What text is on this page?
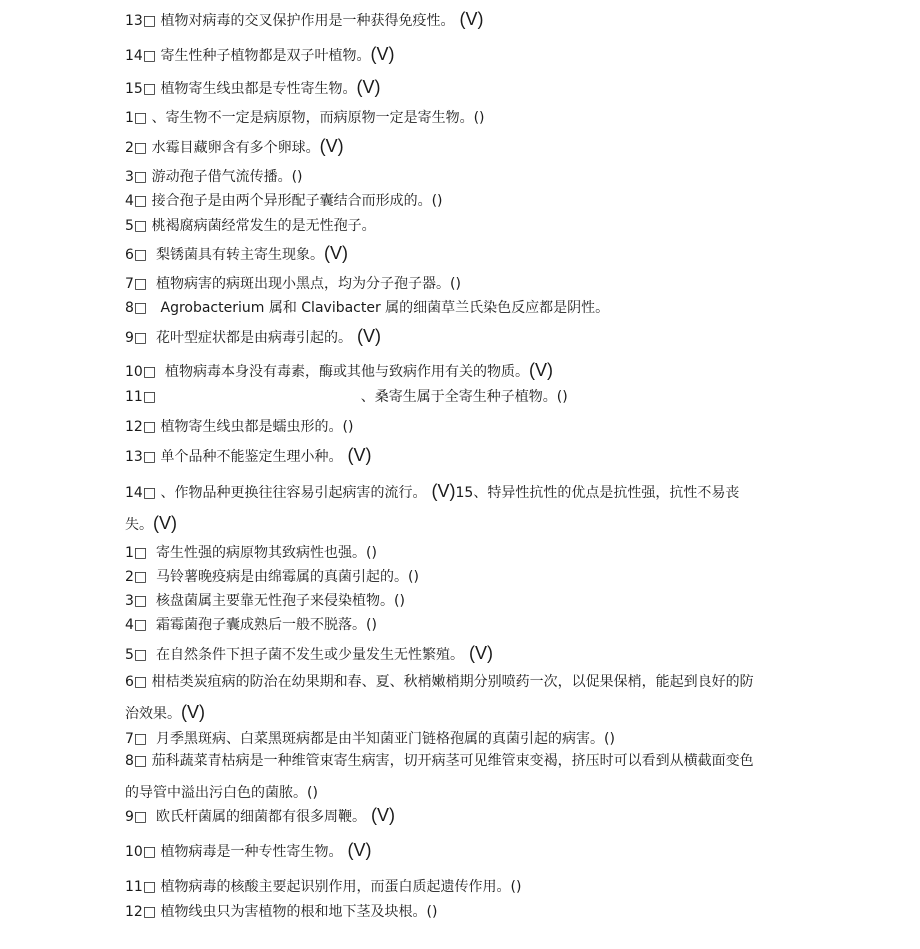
13□ 植物对病毒的交叉保护作用是一种获得免疫性。 (V)
14□ 寄生性种子植物都是双子叶植物。(V)
15□ 植物寄生线虫都是专性寄生物。(V)
1□ 、寄生物不一定是病原物，而病原物一定是寄生物。()
2□ 水霉目藏卵含有多个卵球。(V)
3□ 游动孢子借气流传播。()
4□ 接合孢子是由两个异形配子囊结合而形成的。()
5□ 桃褐腐病菌经常发生的是无性孢子。
6□  梨锈菌具有转主寄生现象。(V)
7□  植物病害的病斑出现小黑点，均为分子孢子器。()
8□   Agrobacterium 属和 Clavibacter 属的细菌草兰氏染色反应都是阴性。
9□  花叶型症状都是由病毒引起的。 (V)
10□  植物病毒本身没有毒素，酶或其他与致病作用有关的物质。(V)
11□                                              、桑寄生属于全寄生种子植物。()
12□ 植物寄生线虫都是蠕虫形的。()
13□ 单个品种不能鉴定生理小种。 (V)
14□ 、作物品种更换往往容易引起病害的流行。 (V)15、特异性抗性的优点是抗性强，抗性不易丧失。(V)
1□  寄生性强的病原物其致病性也强。()
2□  马铃薯晚疫病是由绵霉属的真菌引起的。()
3□  核盘菌属主要靠无性孢子来侵染植物。()
4□  霜霉菌孢子囊成熟后一般不脱落。()
5□  在自然条件下担子菌不发生或少量发生无性繁殖。 (V)
6□ 柑桔类炭疽病的防治在幼果期和春、夏、秋梢嫩梢期分别喷药一次，以促果保梢，能起到良好的防治效果。(V)
7□  月季黑斑病、白菜黑斑病都是由半知菌亚门链格孢属的真菌引起的病害。()
8□ 茄科蔬菜青枯病是一种维管束寄生病害，切开病茎可见维管束变褐，挤压时可以看到从横截面变色的导管中溢出污白色的菌脓。()
9□  欧氏杆菌属的细菌都有很多周鞭。 (V)
10□ 植物病毒是一种专性寄生物。 (V)
11□ 植物病毒的核酸主要起识别作用，而蛋白质起遗传作用。()
12□ 植物线虫只为害植物的根和地下茎及块根。()
